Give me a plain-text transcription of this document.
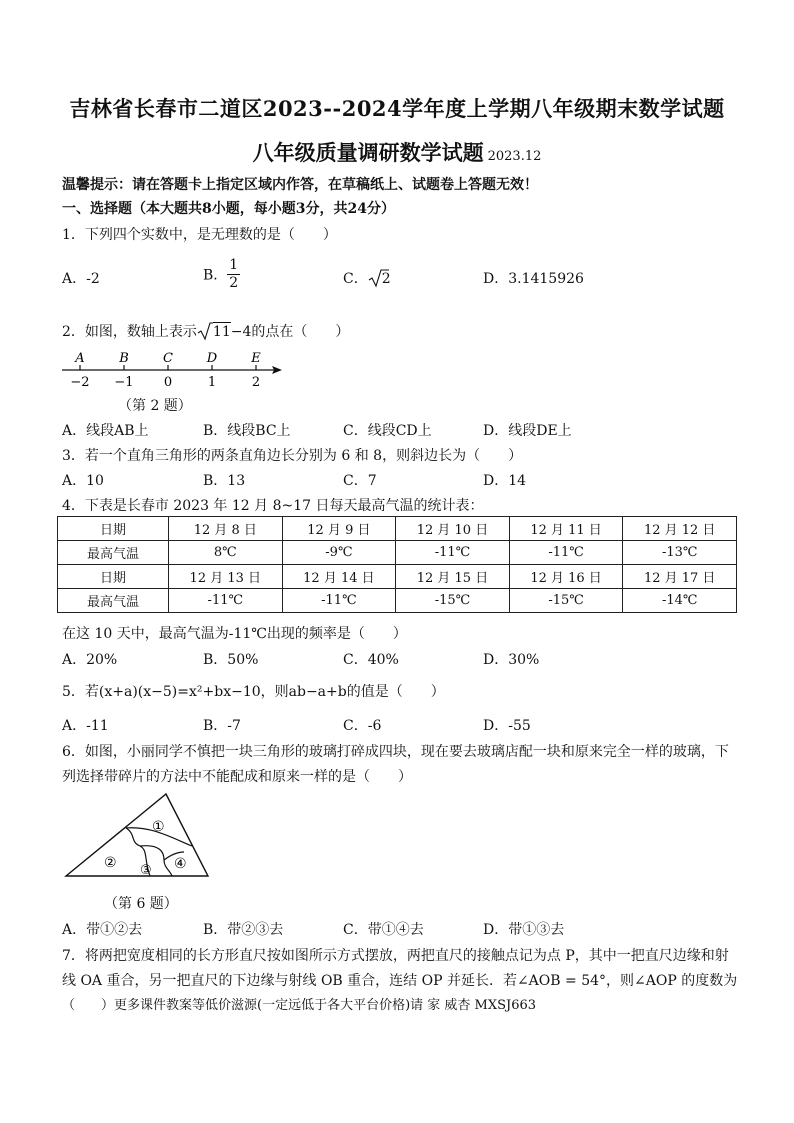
吉林省长春市二道区2023--2024学年度上学期八年级期末数学试题
八年级质量调研数学试题 2023.12
温馨提示：请在答题卡上指定区域内作答，在草稿纸上、试题卷上答题无效！
一、选择题（本大题共8小题，每小题3分，共24分）
1．下列四个实数中，是无理数的是（　　）
A．-2	B． $\frac{1}{2}$	C． 2	D．3.1415926
2．如图，数轴上表示 11−4的点在（　　）
A
−2
B
−1
C
0
D
1
E
2
（第 2 题）
A．线段AB上	B．线段BC上	C．线段CD上	D．线段DE上
3．若一个直角三角形的两条直角边长分别为 6 和 8，则斜边长为（　　）
A．10	B．13	C．7	D．14
4．下表是长春市 2023 年 12 月 8~17 日每天最高气温的统计表：
日期	12 月 8 日	12 月 9 日	12 月 10 日	12 月 11 日	12 月 12 日
最高气温	8℃	-9℃	-11℃	-11℃	-13℃
日期	12 月 13 日	12 月 14 日	12 月 15 日	12 月 16 日	12 月 17 日
最高气温	-11℃	-11℃	-15℃	-15℃	-14℃
在这 10 天中，最高气温为-11℃出现的频率是（　　）
A．20%	B．50%	C．40%	D．30%
5．若(x+a)(x−5)=x²+bx−10，则ab−a+b的值是（　　）
A．-11	B．-7	C．-6	D．-55
6．如图，小丽同学不慎把一块三角形的玻璃打碎成四块，现在要去玻璃店配一块和原来完全一样的玻璃，下
列选择带碎片的方法中不能配成和原来一样的是（　　）
①
② ③ ④
（第 6 题）
A．带①②去	B．带②③去	C．带①④去	D．带①③去
7．将两把宽度相同的长方形直尺按如图所示方式摆放，两把直尺的接触点记为点 P，其中一把直尺边缘和射
线 OA 重合，另一把直尺的下边缘与射线 OB 重合，连结 OP 并延长．若∠AOB = 54°，则∠AOP 的度数为
（　　）更多课件教案等低价滋源(一定远低于各大平台价格)请 家 威杏 MXSJ663
